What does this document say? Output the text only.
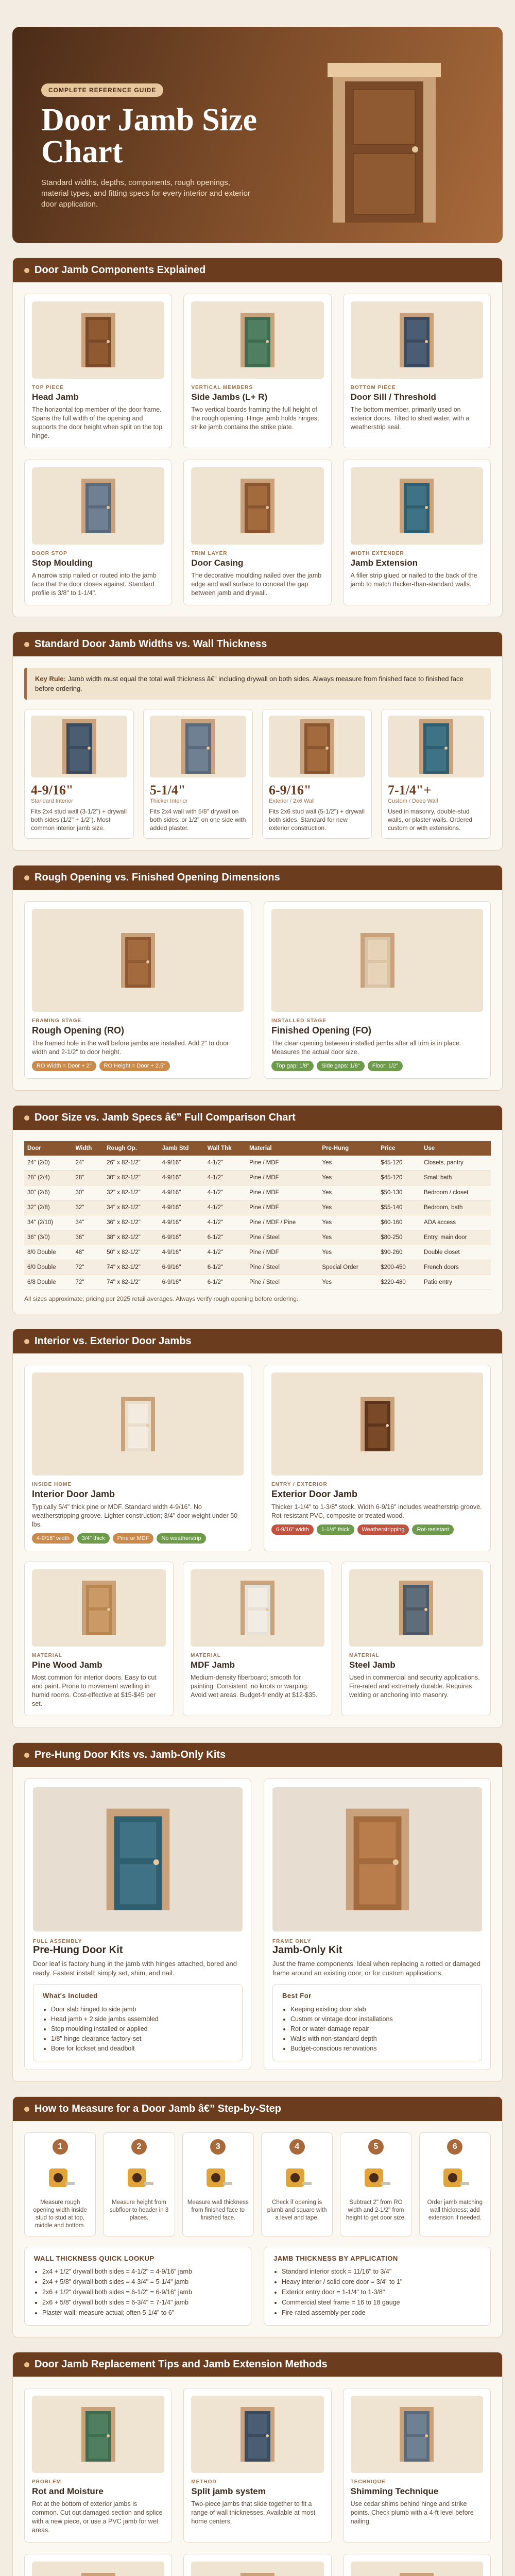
COMPLETE REFERENCE GUIDE
Door Jamb Size Chart

Standard widths, depths, components, rough openings, material types, and fitting specs for every interior and exterior door application.

Door Jamb Components Explained
TOP PIECE
Head Jamb
The horizontal top member of the door frame. Spans the full width of the opening and supports the door height when split on the top hinge.
VERTICAL MEMBERS
Side Jambs (L+ R)
Two vertical boards framing the full height of the rough opening. Hinge jamb holds hinges; strike jamb contains the strike plate.
BOTTOM PIECE
Door Sill / Threshold
The bottom member, primarily used on exterior doors. Tilted to shed water, with a weatherstrip seal.
DOOR STOP
Stop Moulding
A narrow strip nailed or routed into the jamb face that the door closes against. Standard profile is 3/8" to 1-1/4".
TRIM LAYER
Door Casing
The decorative moulding nailed over the jamb edge and wall surface to conceal the gap between jamb and drywall.
WIDTH EXTENDER
Jamb Extension
A filler strip glued or nailed to the back of the jamb to match thicker-than-standard walls.
Standard Door Jamb Widths vs. Wall Thickness
Key Rule: Jamb width must equal the total wall thickness â€” including drywall on both sides. Always measure from finished face to finished face before ordering.
4-9/16"
Standard Interior
Fits 2x4 stud wall (3-1/2") + drywall both sides (1/2" + 1/2"). Most common interior jamb size.
5-1/4"
Thicker Interior
Fits 2x4 wall with 5/8" drywall on both sides, or 1/2" on one side with added plaster.
6-9/16"
Exterior / 2x6 Wall
Fits 2x6 stud wall (5-1/2") + drywall both sides. Standard for new exterior construction.
7-1/4"+
Custom / Deep Wall
Used in masonry, double-stud walls, or plaster walls. Ordered custom or with extensions.
Rough Opening vs. Finished Opening Dimensions
FRAMING STAGE
Rough Opening (RO)
The framed hole in the wall before jambs are installed. Add 2" to door width and 2-1/2" to door height.
RO Width = Door + 2" RO Height = Door + 2.5"
INSTALLED STAGE
Finished Opening (FO)
The clear opening between installed jambs after all trim is in place. Measures the actual door size.
Top gap: 1/8" Side gaps: 1/8" Floor: 1/2"
Door Size vs. Jamb Specs â€” Full Comparison Chart
Door	Width	Rough Op.	Jamb Std	Wall Thk	Material	Pre-Hung	Price	Use
24" (2/0)	24"	26" x 82-1/2"	4-9/16"	4-1/2"	Pine / MDF	Yes	$45-120	Closets, pantry
28" (2/4)	28"	30" x 82-1/2"	4-9/16"	4-1/2"	Pine / MDF	Yes	$45-120	Small bath
30" (2/6)	30"	32" x 82-1/2"	4-9/16"	4-1/2"	Pine / MDF	Yes	$50-130	Bedroom / closet
32" (2/8)	32"	34" x 82-1/2"	4-9/16"	4-1/2"	Pine / MDF	Yes	$55-140	Bedroom, bath
34" (2/10)	34"	36" x 82-1/2"	4-9/16"	4-1/2"	Pine / MDF / Pine	Yes	$60-160	ADA access
36" (3/0)	36"	38" x 82-1/2"	6-9/16"	6-1/2"	Pine / Steel	Yes	$80-250	Entry, main door
8/0 Double	48"	50" x 82-1/2"	4-9/16"	4-1/2"	Pine / MDF	Yes	$90-260	Double closet
6/0 Double	72"	74" x 82-1/2"	6-9/16"	6-1/2"	Pine / Steel	Special Order	$200-450	French doors
6/8 Double	72"	74" x 82-1/2"	6-9/16"	6-1/2"	Pine / Steel	Yes	$220-480	Patio entry
All sizes approximate; pricing per 2025 retail averages. Always verify rough opening before ordering.
Interior vs. Exterior Door Jambs
INSIDE HOME
Interior Door Jamb
Typically 5/4" thick pine or MDF. Standard width 4-9/16". No weatherstripping groove. Lighter construction; 3/4" door weight under 50 lbs.
4-9/16" width 3/4" thick Pine or MDF No weatherstrip
ENTRY / EXTERIOR
Exterior Door Jamb
Thicker 1-1/4" to 1-3/8" stock. Width 6-9/16" includes weatherstrip groove. Rot-resistant PVC, composite or treated wood.
6-9/16" width 1-1/4" thick Weatherstripping Rot-resistant
MATERIAL
Pine Wood Jamb
Most common for interior doors. Easy to cut and paint. Prone to movement swelling in humid rooms. Cost-effective at $15-$45 per set.
MATERIAL
MDF Jamb
Medium-density fiberboard; smooth for painting. Consistent; no knots or warping. Avoid wet areas. Budget-friendly at $12-$35.
MATERIAL
Steel Jamb
Used in commercial and security applications. Fire-rated and extremely durable. Requires welding or anchoring into masonry.
Pre-Hung Door Kits vs. Jamb-Only Kits
FULL ASSEMBLY
Pre-Hung Door Kit
Door leaf is factory hung in the jamb with hinges attached, bored and ready. Fastest install; simply set, shim, and nail.
What's Included
• Door slab hinged to side jamb
• Head jamb + 2 side jambs assembled
• Stop moulding installed or applied
• 1/8" hinge clearance factory-set
• Bore for lockset and deadbolt
FRAME ONLY
Jamb-Only Kit
Just the frame components. Ideal when replacing a rotted or damaged frame around an existing door, or for custom applications.
Best For
• Keeping existing door slab
• Custom or vintage door installations
• Rot or water-damage repair
• Walls with non-standard depth
• Budget-conscious renovations
How to Measure for a Door Jamb â€” Step-by-Step
1
Measure rough opening width inside stud to stud at top, middle and bottom.
2
Measure height from subfloor to header in 3 places.
3
Measure wall thickness from finished face to finished face.
4
Check if opening is plumb and square with a level and tape.
5
Subtract 2" from RO width and 2-1/2" from height to get door size.
6
Order jamb matching wall thickness; add extension if needed.
WALL THICKNESS QUICK LOOKUP
• 2x4 + 1/2" drywall both sides = 4-1/2" = 4-9/16" jamb
• 2x4 + 5/8" drywall both sides = 4-3/4" = 5-1/4" jamb
• 2x6 + 1/2" drywall both sides = 6-1/2" = 6-9/16" jamb
• 2x6 + 5/8" drywall both sides = 6-3/4" = 7-1/4" jamb
• Plaster wall: measure actual; often 5-1/4" to 6"
JAMB THICKNESS BY APPLICATION
• Standard interior stock = 11/16" to 3/4"
• Heavy interior / solid core door = 3/4" to 1"
• Exterior entry door = 1-1/4" to 1-3/8"
• Commercial steel frame = 16 to 18 gauge
• Fire-rated assembly per code
Door Jamb Replacement Tips and Jamb Extension Methods
PROBLEM
Rot and Moisture
Rot at the bottom of exterior jambs is common. Cut out damaged section and splice with a new piece, or use a PVC jamb for wet areas.
METHOD
Split jamb system
Two-piece jambs that slide together to fit a range of wall thicknesses. Available at most home centers.
TECHNIQUE
Shimming Technique
Use cedar shims behind hinge and strike points. Check plumb with a 4-ft level before nailing.
